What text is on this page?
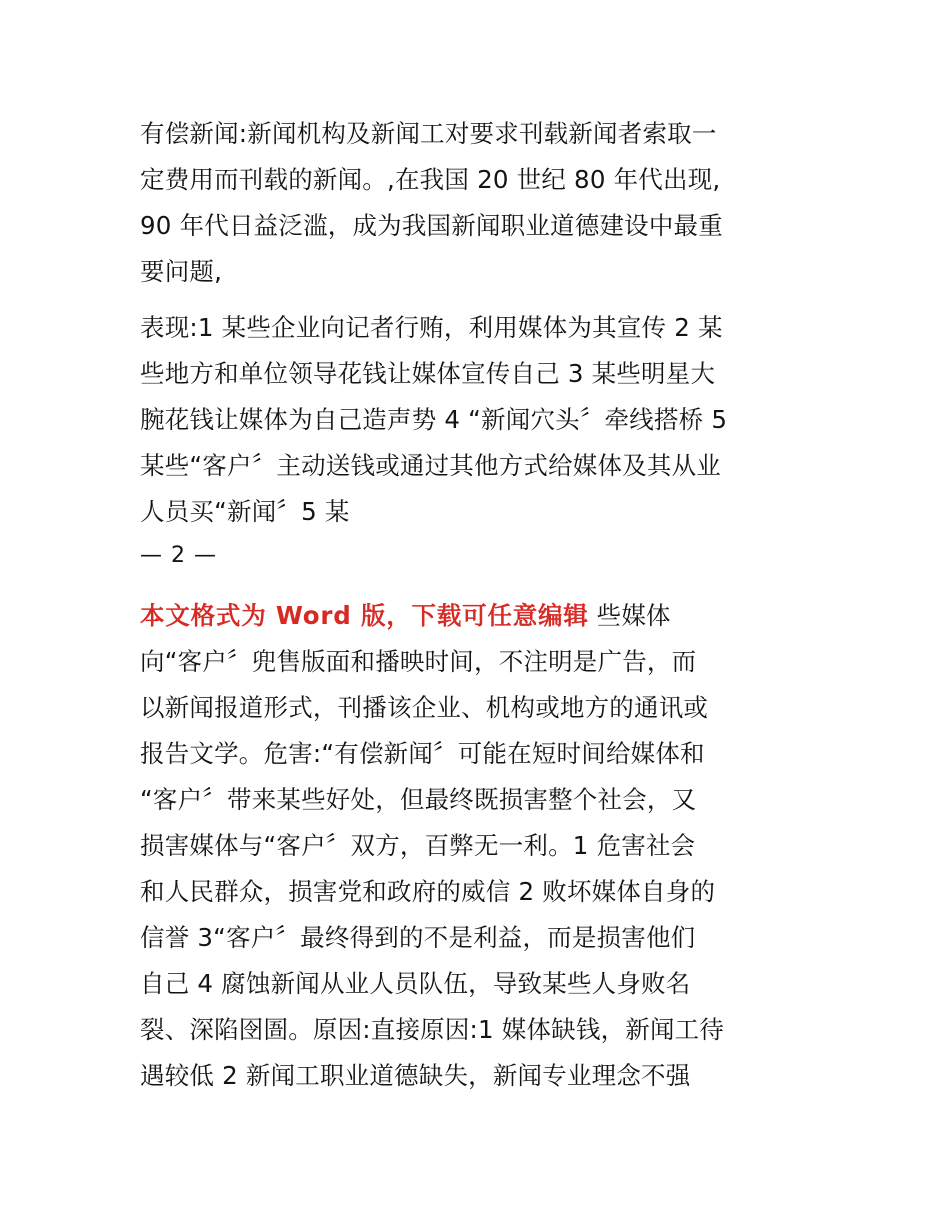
有偿新闻:新闻机构及新闻工对要求刊载新闻者索取一
定费用而刊载的新闻。,在我国 20 世纪 80 年代出现,
90 年代日益泛滥，成为我国新闻职业道德建设中最重
要问题,
表现:1 某些企业向记者行贿，利用媒体为其宣传 2 某
些地方和单位领导花钱让媒体宣传自己 3 某些明星大
腕花钱让媒体为自己造声势 4 “新闻穴头〞牵线搭桥 5
某些“客户〞主动送钱或通过其他方式给媒体及其从业
人员买“新闻〞5 某
— 2 —
本文格式为 Word 版，下载可任意编辑 些媒体
向“客户〞兜售版面和播映时间，不注明是广告，而
以新闻报道形式，刊播该企业、机构或地方的通讯或
报告文学。危害:“有偿新闻〞可能在短时间给媒体和
“客户〞带来某些好处，但最终既损害整个社会，又
损害媒体与“客户〞双方，百弊无一利。1 危害社会
和人民群众，损害党和政府的威信 2 败坏媒体自身的
信誉 3“客户〞最终得到的不是利益，而是损害他们
自己 4 腐蚀新闻从业人员队伍，导致某些人身败名
裂、深陷囹圄。原因:直接原因:1 媒体缺钱，新闻工待
遇较低 2 新闻工职业道德缺失，新闻专业理念不强
